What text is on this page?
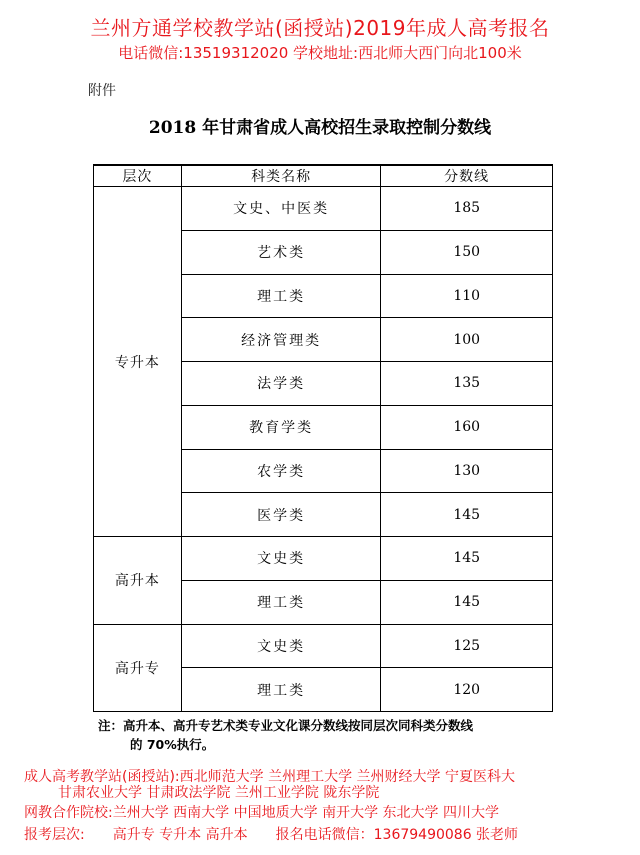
兰州方通学校教学站(函授站)2019年成人高考报名
电话微信:13519312020 学校地址:西北师大西门向北100米
附件
2018 年甘肃省成人高校招生录取控制分数线
层次	科类名称	分数线
专升本	文史、中医类	185
	艺术类	150
	理工类	110
	经济管理类	100
	法学类	135
	教育学类	160
	农学类	130
	医学类	145
高升本	文史类	145
	理工类	145
高升专	文史类	125
	理工类	120
注：高升本、高升专艺术类专业文化课分数线按同层次同科类分数线
的 70%执行。
成人高考教学站(函授站):西北师范大学 兰州理工大学 兰州财经大学 宁夏医科大
甘肃农业大学 甘肃政法学院 兰州工业学院 陇东学院
网教合作院校:兰州大学 西南大学 中国地质大学 南开大学 东北大学 四川大学
报考层次: 高升专 专升本 高升本 报名电话微信：13679490086 张老师
